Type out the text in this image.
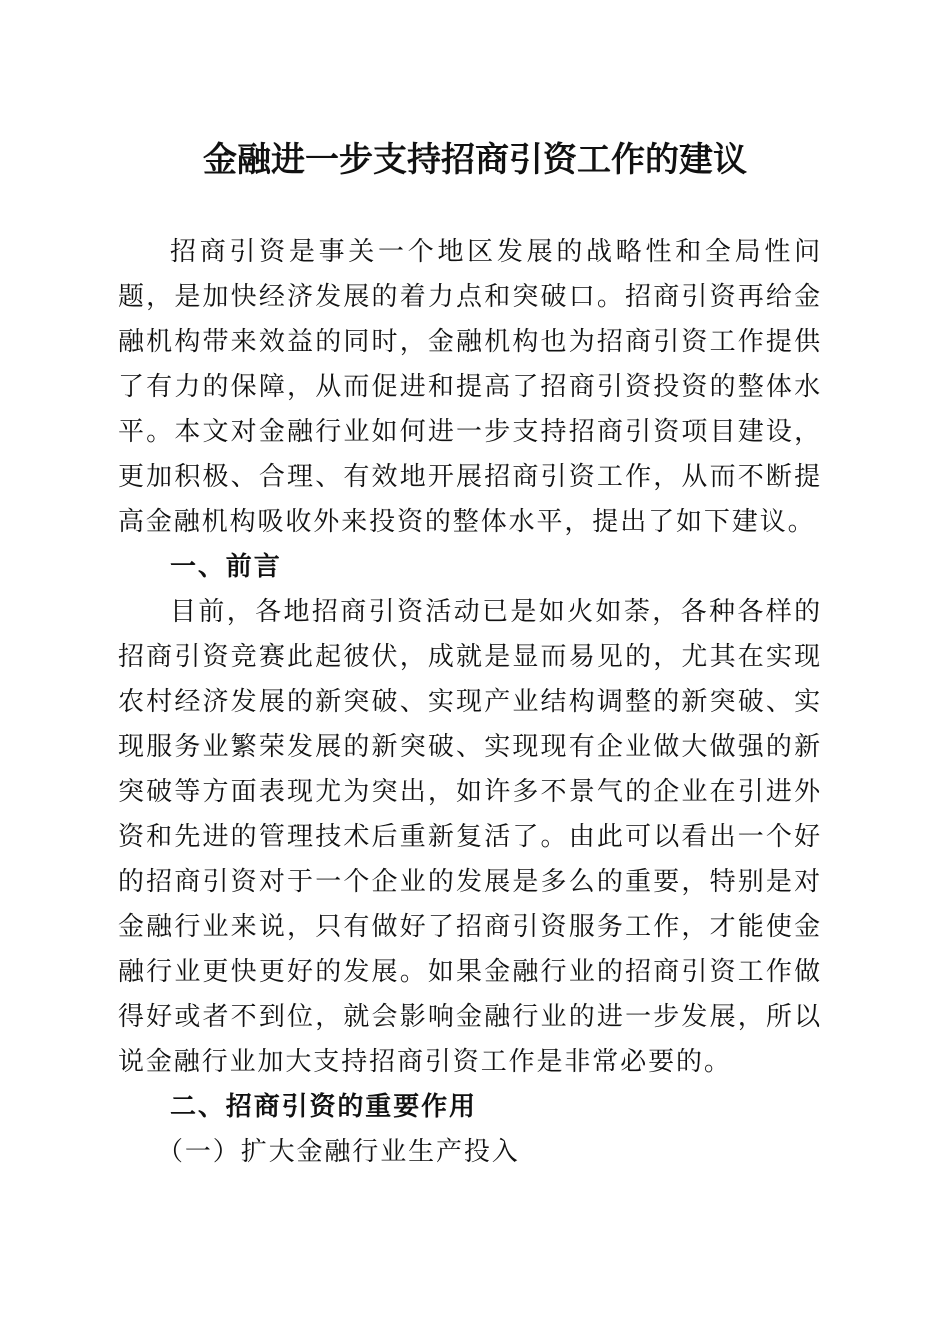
金融进一步支持招商引资工作的建议

招商引资是事关一个地区发展的战略性和全局性问题，是加快经济发展的着力点和突破口。招商引资再给金融机构带来效益的同时，金融机构也为招商引资工作提供了有力的保障，从而促进和提高了招商引资投资的整体水平。本文对金融行业如何进一步支持招商引资项目建设，更加积极、合理、有效地开展招商引资工作，从而不断提高金融机构吸收外来投资的整体水平，提出了如下建议。

一、前言

目前，各地招商引资活动已是如火如荼，各种各样的招商引资竞赛此起彼伏，成就是显而易见的，尤其在实现农村经济发展的新突破、实现产业结构调整的新突破、实现服务业繁荣发展的新突破、实现现有企业做大做强的新突破等方面表现尤为突出，如许多不景气的企业在引进外资和先进的管理技术后重新复活了。由此可以看出一个好的招商引资对于一个企业的发展是多么的重要，特别是对金融行业来说，只有做好了招商引资服务工作，才能使金融行业更快更好的发展。如果金融行业的招商引资工作做得好或者不到位，就会影响金融行业的进一步发展，所以说金融行业加大支持招商引资工作是非常必要的。

二、招商引资的重要作用

（一）扩大金融行业生产投入
